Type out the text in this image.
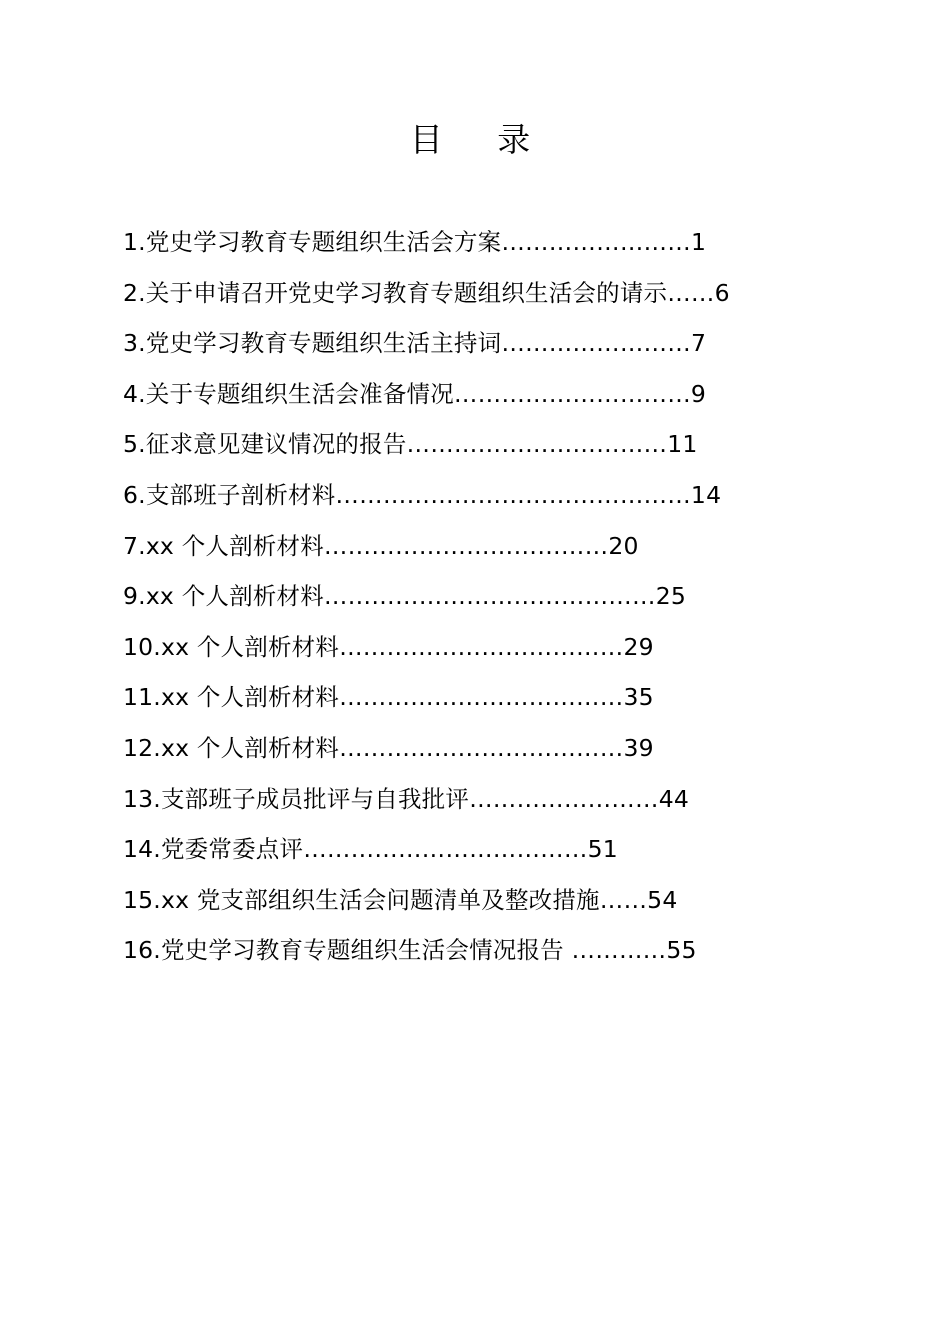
目 录
1.党史学习教育专题组织生活会方案……………………1
2.关于申请召开党史学习教育专题组织生活会的请示……6
3.党史学习教育专题组织生活主持词……………………7
4.关于专题组织生活会准备情况…………………………9
5.征求意见建议情况的报告……………………………11
6.支部班子剖析材料………………………………………14
7.xx 个人剖析材料………………………………20
9.xx 个人剖析材料……………………………………25
10.xx 个人剖析材料………………………………29
11.xx 个人剖析材料………………………………35
12.xx 个人剖析材料………………………………39
13.支部班子成员批评与自我批评……………………44
14.党委常委点评………………………………51
15.xx 党支部组织生活会问题清单及整改措施……54
16.党史学习教育专题组织生活会情况报告 …………55
